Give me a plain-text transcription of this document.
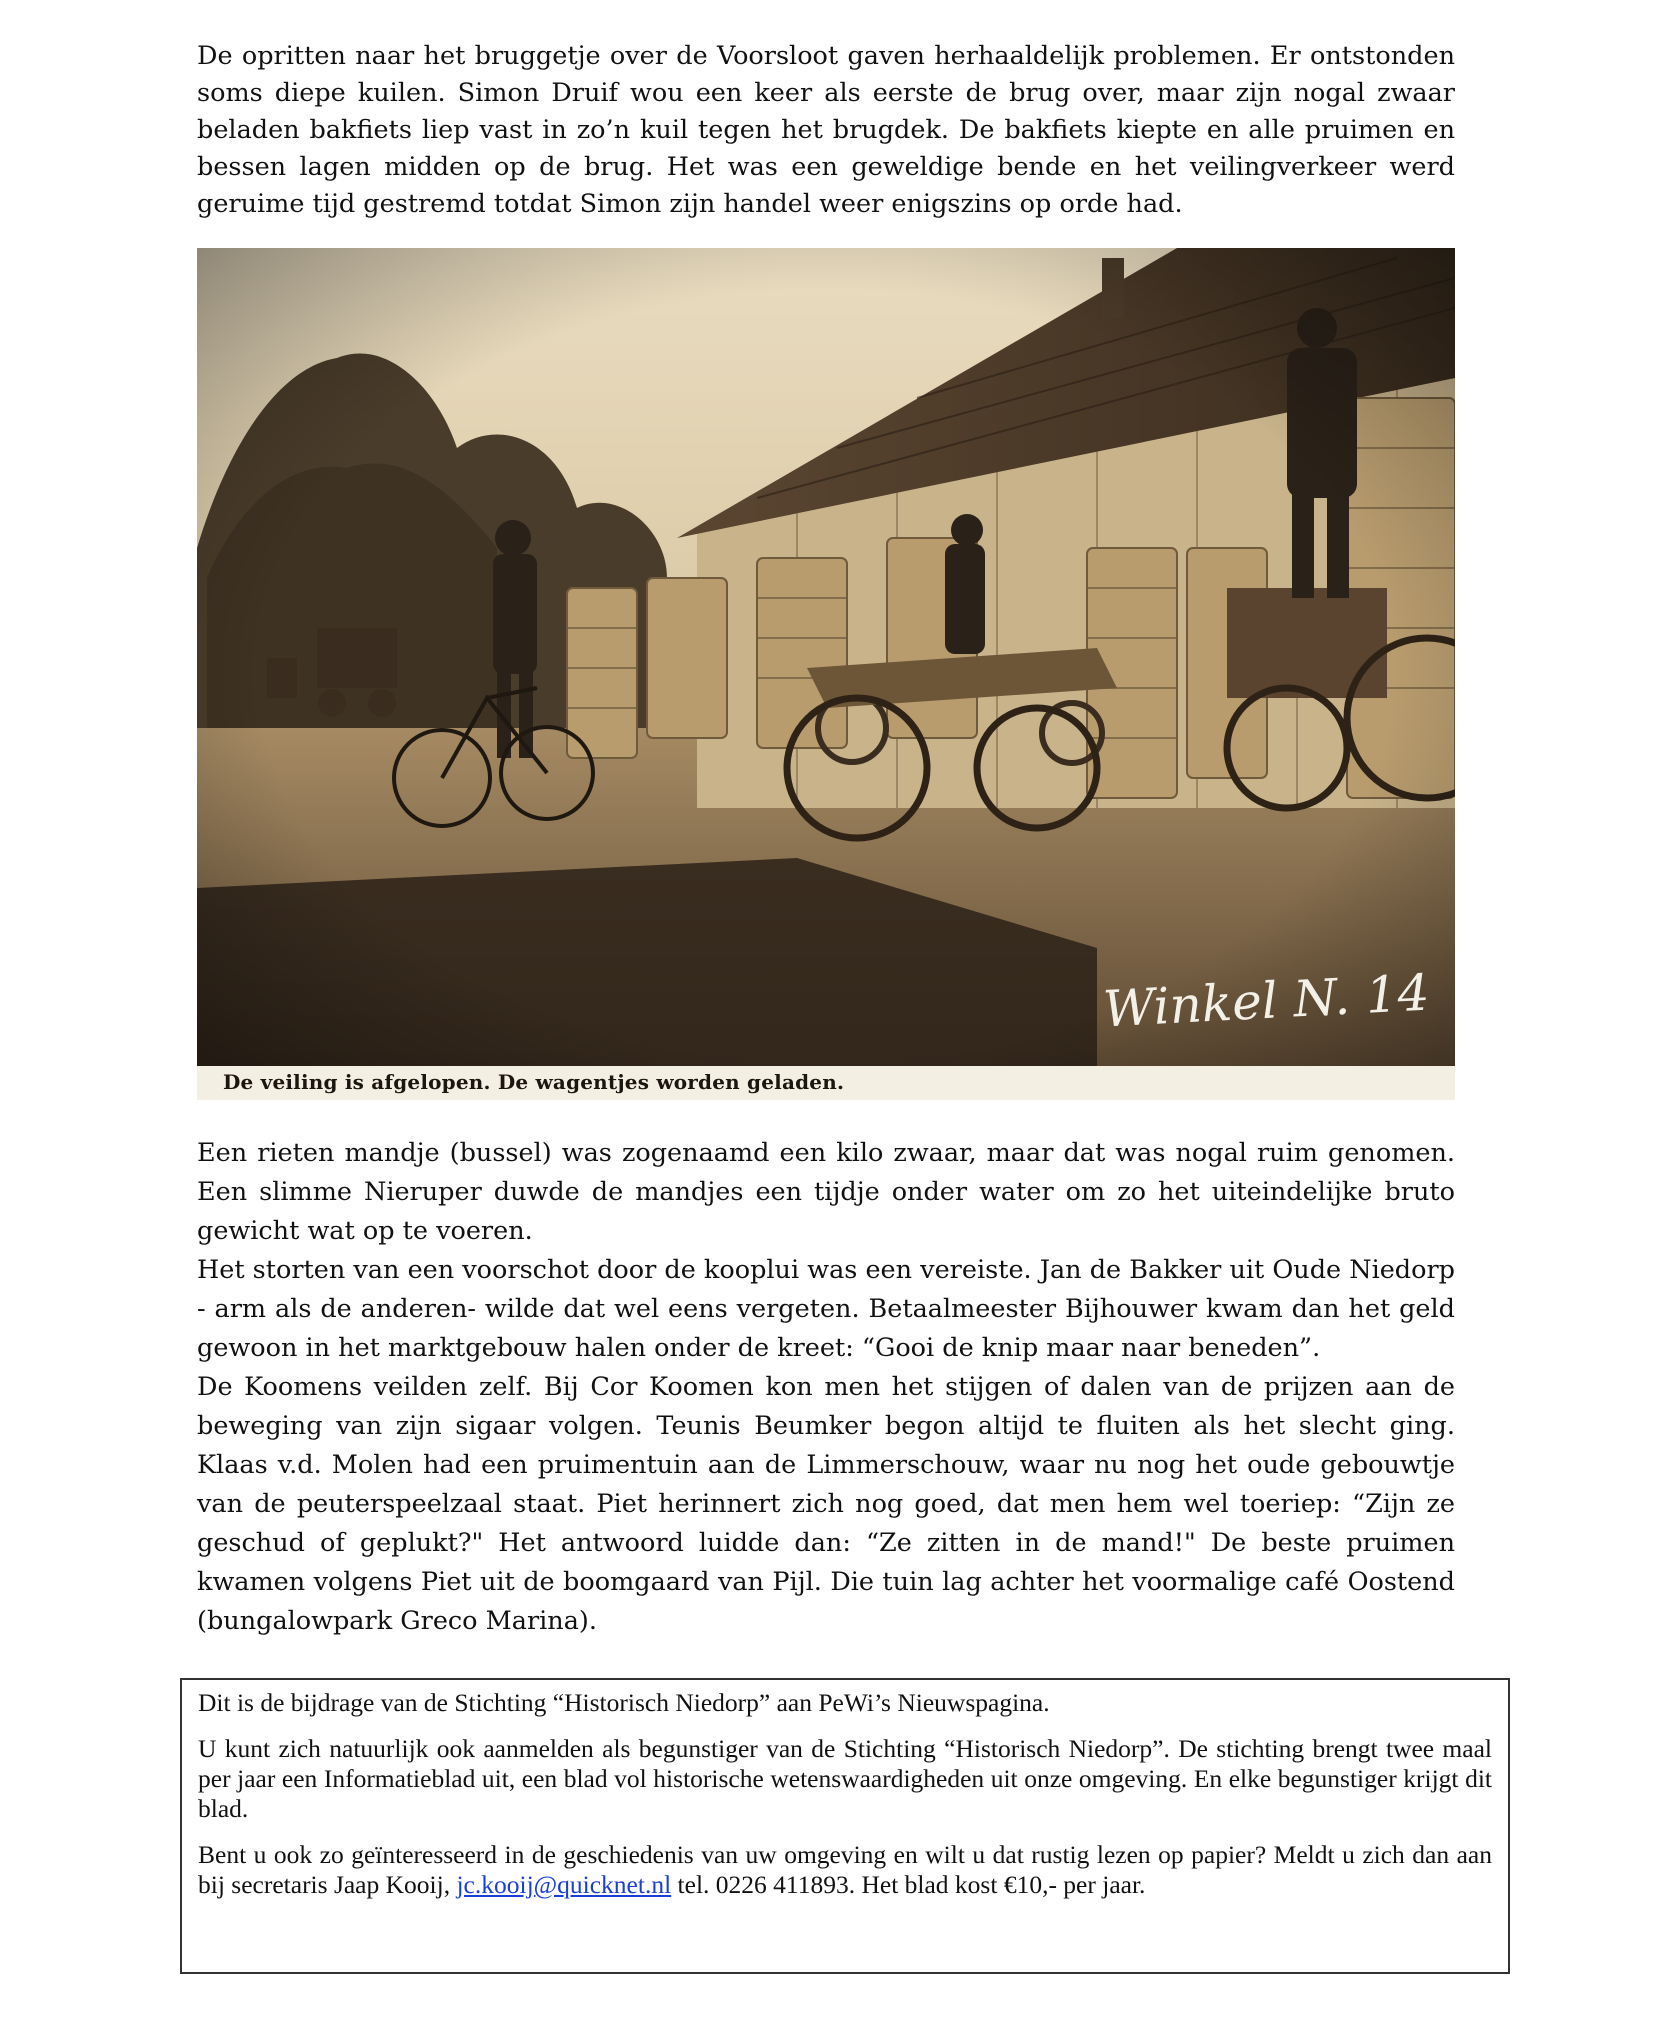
De opritten naar het bruggetje over de Voorsloot gaven herhaaldelijk problemen. Er ontstonden soms diepe kuilen. Simon Druif wou een keer als eerste de brug over, maar zijn nogal zwaar beladen bakfiets liep vast in zo’n kuil tegen het brugdek. De bakfiets kiepte en alle pruimen en bessen lagen midden op de brug. Het was een geweldige bende en het veilingverkeer werd geruime tijd gestremd totdat Simon zijn handel weer enigszins op orde had.

Winkel N. 14
De veiling is afgelopen. De wagentjes worden geladen.

Een rieten mandje (bussel) was zogenaamd een kilo zwaar, maar dat was nogal ruim genomen. Een slimme Nieruper duwde de mandjes een tijdje onder water om zo het uiteindelijke bruto gewicht wat op te voeren.

Het storten van een voorschot door de kooplui was een vereiste. Jan de Bakker uit Oude Niedorp - arm als de anderen- wilde dat wel eens vergeten. Betaalmeester Bijhouwer kwam dan het geld gewoon in het marktgebouw halen onder de kreet: “Gooi de knip maar naar beneden”.

De Koomens veilden zelf. Bij Cor Koomen kon men het stijgen of dalen van de prijzen aan de beweging van zijn sigaar volgen. Teunis Beumker begon altijd te fluiten als het slecht ging. Klaas v.d. Molen had een pruimentuin aan de Limmerschouw, waar nu nog het oude gebouwtje van de peuterspeelzaal staat. Piet herinnert zich nog goed, dat men hem wel toeriep: “Zijn ze geschud of geplukt?" Het antwoord luidde dan: “Ze zitten in de mand!" De beste pruimen kwamen volgens Piet uit de boomgaard van Pijl. Die tuin lag achter het voormalige café Oostend (bungalowpark Greco Marina).

Dit is de bijdrage van de Stichting “Historisch Niedorp” aan PeWi’s Nieuwspagina.

U kunt zich natuurlijk ook aanmelden als begunstiger van de Stichting “Historisch Niedorp”. De stichting brengt twee maal per jaar een Informatieblad uit, een blad vol historische wetenswaardigheden uit onze omgeving. En elke begunstiger krijgt dit blad.

Bent u ook zo geïnteresseerd in de geschiedenis van uw omgeving en wilt u dat rustig lezen op papier? Meldt u zich dan aan bij secretaris Jaap Kooij, jc.kooij@quicknet.nl tel. 0226 411893. Het blad kost €10,- per jaar.
